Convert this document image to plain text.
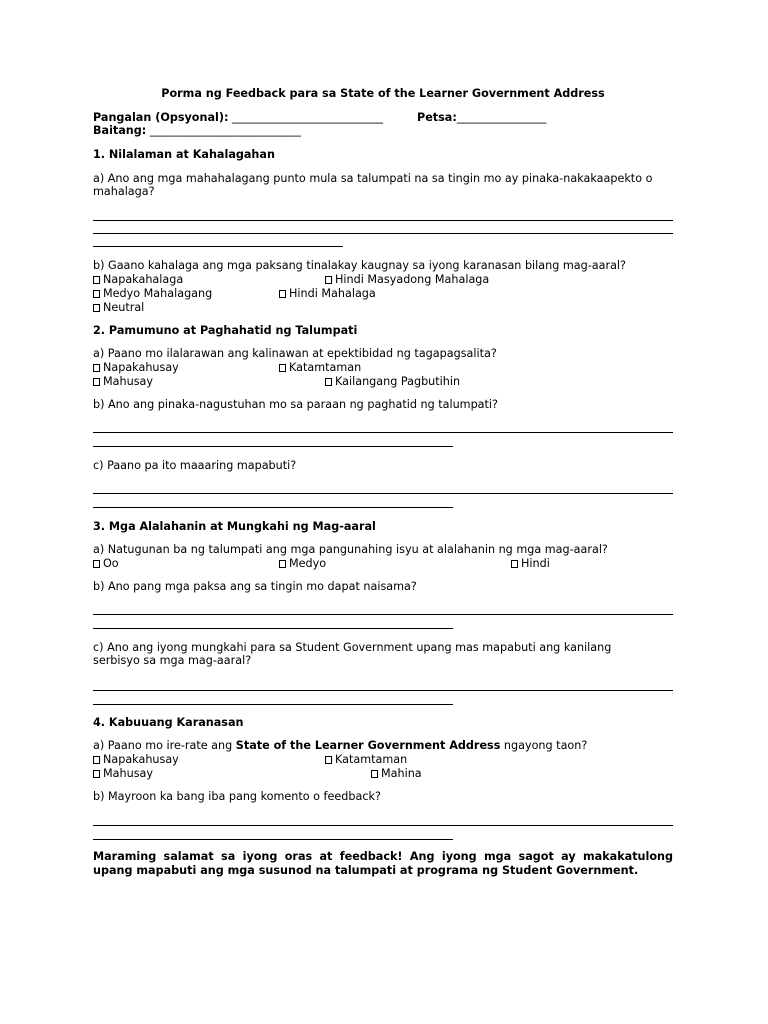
Porma ng Feedback para sa State of the Learner Government Address
Pangalan (Opsyonal): ___________________________	Petsa:________________
Baitang: ___________________________
1. Nilalaman at Kahalagahan
a) Ano ang mga mahahalagang punto mula sa talumpati na sa tingin mo ay pinaka-nakakaapekto o mahalaga?
b) Gaano kahalaga ang mga paksang tinalakay kaugnay sa iyong karanasan bilang mag-aaral?
Napakahalaga	Hindi Masyadong Mahalaga
Medyo Mahalagang	Hindi Mahalaga
Neutral
2. Pamumuno at Paghahatid ng Talumpati
a) Paano mo ilalarawan ang kalinawan at epektibidad ng tagapagsalita?
Napakahusay	Katamtaman
Mahusay	Kailangang Pagbutihin
b) Ano ang pinaka-nagustuhan mo sa paraan ng paghatid ng talumpati?
c) Paano pa ito maaaring mapabuti?
3. Mga Alalahanin at Mungkahi ng Mag-aaral
a) Natugunan ba ng talumpati ang mga pangunahing isyu at alalahanin ng mga mag-aaral?
Oo	Medyo	Hindi
b) Ano pang mga paksa ang sa tingin mo dapat naisama?
c) Ano ang iyong mungkahi para sa Student Government upang mas mapabuti ang kanilang serbisyo sa mga mag-aaral?
4. Kabuuang Karanasan
a) Paano mo ire-rate ang State of the Learner Government Address ngayong taon?
Napakahusay	Katamtaman
Mahusay	Mahina
b) Mayroon ka bang iba pang komento o feedback?
Maraming salamat sa iyong oras at feedback! Ang iyong mga sagot ay makakatulong upang mapabuti ang mga susunod na talumpati at programa ng Student Government.
